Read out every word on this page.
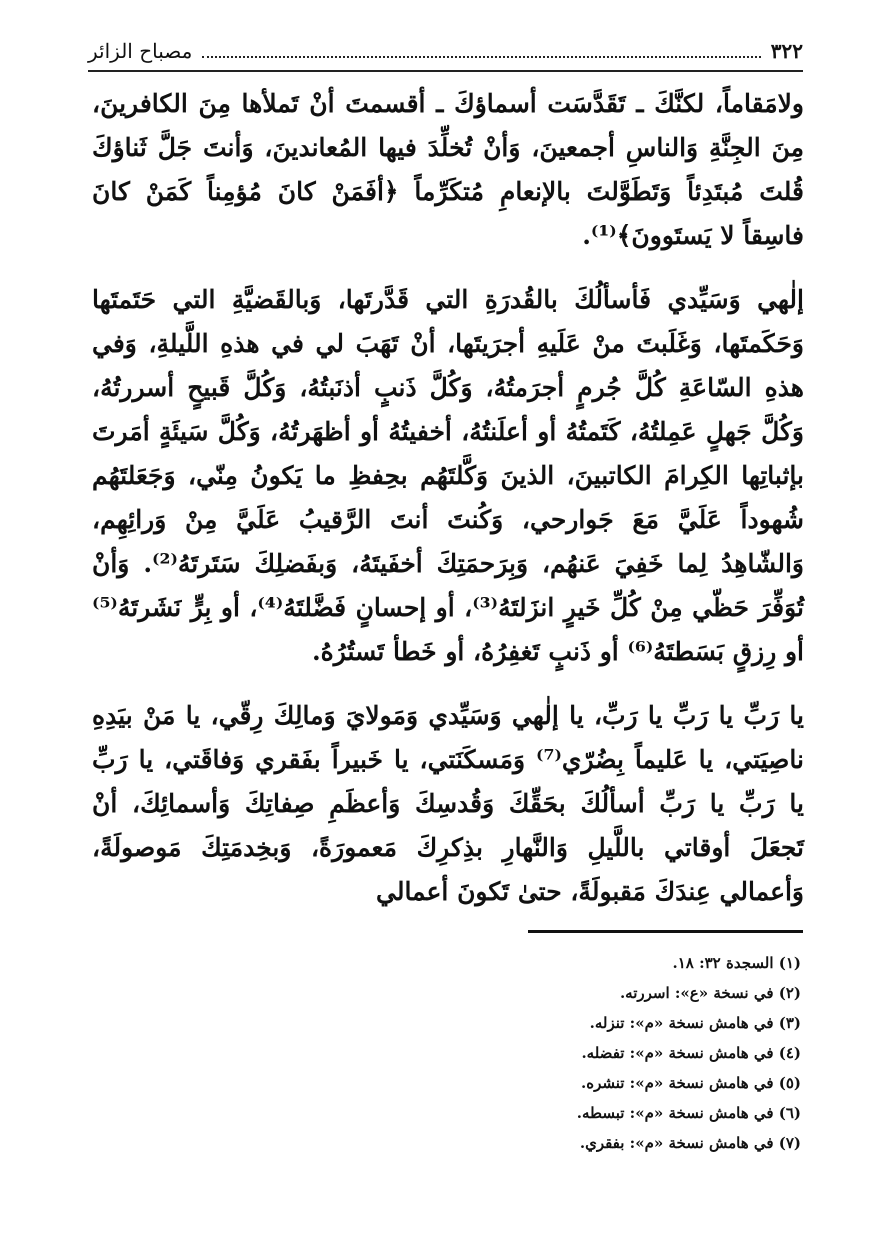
٣٢٢
مصباح الزائر

ولامَقاماً، لكنَّكَ ـ تَقَدَّسَت أسماؤكَ ـ أقسمتَ أنْ تَملأها مِنَ الكافرينَ، مِنَ الجِنَّةِ وَالناسِ أجمعينَ، وَأنْ تُخلِّدَ فيها المُعاندينَ، وَأنتَ جَلَّ ثَناؤكَ قُلتَ مُبتَدِئاً وَتَطَوَّلتَ بالإنعامِ مُتكَرِّماً ﴿أفَمَنْ كانَ مُؤمِناً كَمَنْ كانَ فاسِقاً لا يَستَوونَ﴾⁽¹⁾.

إلٰهي وَسَيِّدي فَأسألُكَ بالقُدرَةِ التي قَدَّرتَها، وَبالقَضيَّةِ التي حَتَمتَها وَحَكَمتَها، وَغَلَبتَ منْ عَلَيهِ أجرَيتَها، أنْ تَهَبَ لي في هذهِ اللَّيلةِ، وَفي هذهِ السّاعَةِ كُلَّ جُرمٍ أجرَمتُهُ، وَكُلَّ ذَنبٍ أذنَبتُهُ، وَكُلَّ قَبيحٍ أسررتُهُ، وَكُلَّ جَهلٍ عَمِلتُهُ، كَتَمتُهُ أو أعلَنتُهُ، أخفيتُهُ أو أظهَرتُهُ، وَكُلَّ سَيئَةٍ أمَرتَ بإثباتِها الكِرامَ الكاتبينَ، الذينَ وَكَّلتَهُم بحِفظِ ما يَكونُ مِنّي، وَجَعَلتَهُم شُهوداً عَلَيَّ مَعَ جَوارحي، وَكُنتَ أنتَ الرَّقيبُ عَلَيَّ مِنْ وَرائِهِم، وَالشّاهِدُ لِما خَفِيَ عَنهُم، وَبِرَحمَتِكَ أخفَيتَهُ، وَبفَضلِكَ سَتَرتَهُ⁽²⁾. وَأنْ تُوَفِّرَ حَظّي مِنْ كُلِّ خَيرٍ انزَلتَهُ⁽³⁾، أو إحسانٍ فَضَّلتَهُ⁽⁴⁾، أو بِرٍّ نَشَرتَهُ⁽⁵⁾ أو رِزقٍ بَسَطتَهُ⁽⁶⁾ أو ذَنبٍ تَغفِرُهُ، أو خَطأ تَستُرُهُ.

يا رَبِّ يا رَبِّ يا رَبِّ، يا إلٰهي وَسَيِّدي وَمَولايَ وَمالِكَ رِقّي، يا مَنْ بيَدِهِ ناصِيَتي، يا عَليماً بِضُرّي⁽⁷⁾ وَمَسكَنَتي، يا خَبيراً بفَقري وَفاقَتي، يا رَبِّ يا رَبِّ يا رَبِّ أسألُكَ بحَقِّكَ وَقُدسِكَ وَأعظَمِ صِفاتِكَ وَأسمائِكَ، أنْ تَجعَلَ أوقاتي باللَّيلِ وَالنَّهارِ بذِكرِكَ مَعمورَةً، وَبخِدمَتِكَ مَوصولَةً، وَأعمالي عِندَكَ مَقبولَةً، حتىٰ تَكونَ أعمالي

(١) السجدة ٣٢: ١٨.
(٢) في نسخة «ع»: اسررته.
(٣) في هامش نسخة «م»: تنزله.
(٤) في هامش نسخة «م»: تفضله.
(٥) في هامش نسخة «م»: تنشره.
(٦) في هامش نسخة «م»: تبسطه.
(٧) في هامش نسخة «م»: بفقري.
